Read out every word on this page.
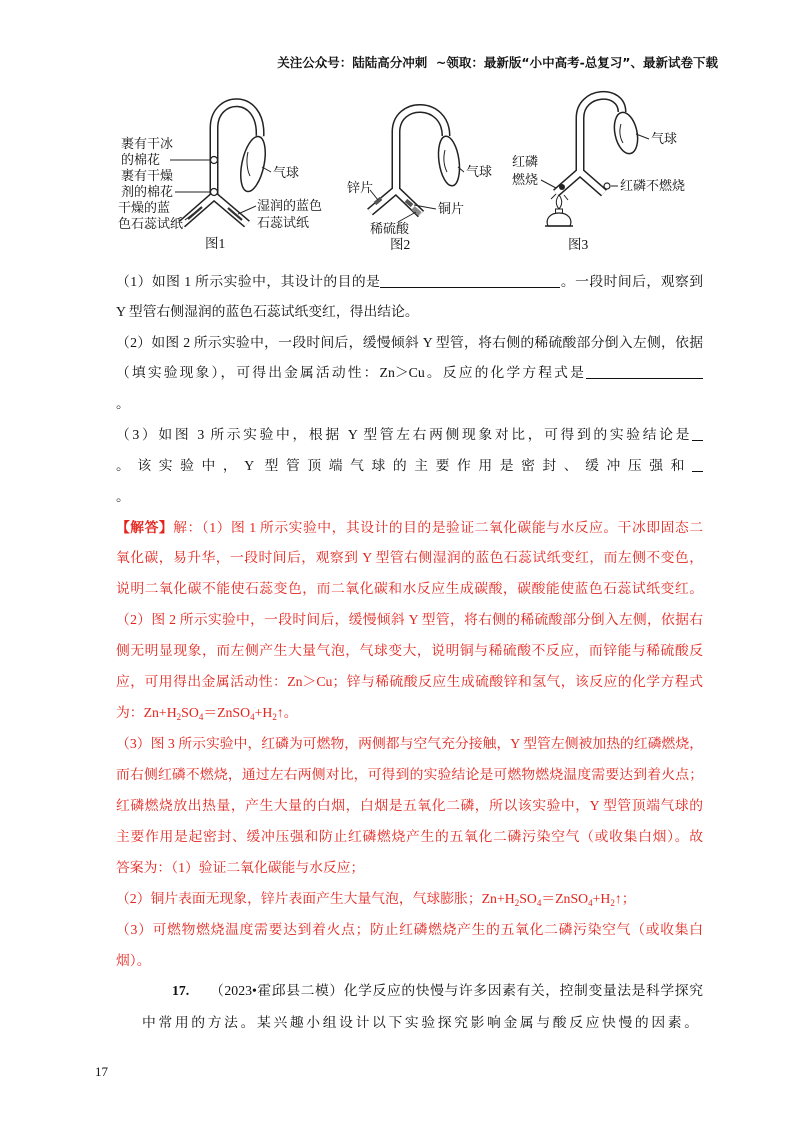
关注公众号：陆陆高分冲刺  ~领取：最新版“小中高考-总复习”、最新试卷下载
裹有干冰
的棉花
裹有干燥
剂的棉花
干燥的蓝
色石蕊试纸
湿润的蓝色
石蕊试纸
气球
图1
锌片
铜片
稀硫酸
气球
图2
红磷
燃烧	红磷不燃烧
气球
图3
（1）如图 1 所示实验中，其设计的目的是	。一段时间后，观察到
Y 型管右侧湿润的蓝色石蕊试纸变红，得出结论。
（2）如图 2 所示实验中，一段时间后，缓慢倾斜 Y 型管，将右侧的稀硫酸部分倒入左侧，依据
（填实验现象），可得出金属活动性：Zn＞Cu。反应的化学方程式是
。
（3）如图 3 所示实验中，根据 Y 型管左右两侧现象对比，可得到的实验结论是
。该实验中，Y 型管顶端气球的主要作用是密封、缓冲压强和
。
【解答】解：（1）图 1 所示实验中，其设计的目的是验证二氧化碳能与水反应。干冰即固态二
氧化碳，易升华，一段时间后，观察到 Y 型管右侧湿润的蓝色石蕊试纸变红，而左侧不变色，
说明二氧化碳不能使石蕊变色，而二氧化碳和水反应生成碳酸，碳酸能使蓝色石蕊试纸变红。
（2）图 2 所示实验中，一段时间后，缓慢倾斜 Y 型管，将右侧的稀硫酸部分倒入左侧，依据右
侧无明显现象，而左侧产生大量气泡，气球变大，说明铜与稀硫酸不反应，而锌能与稀硫酸反
应，可用得出金属活动性：Zn＞Cu；锌与稀硫酸反应生成硫酸锌和氢气，该反应的化学方程式
为：$Zn+H_2SO_4=ZnSO_4+H_2↑$。
（3）图 3 所示实验中，红磷为可燃物，两侧都与空气充分接触，Y 型管左侧被加热的红磷燃烧，
而右侧红磷不燃烧，通过左右两侧对比，可得到的实验结论是可燃物燃烧温度需要达到着火点；
红磷燃烧放出热量，产生大量的白烟，白烟是五氧化二磷，所以该实验中，Y 型管顶端气球的
主要作用是起密封、缓冲压强和防止红磷燃烧产生的五氧化二磷污染空气（或收集白烟）。故
答案为：（1）验证二氧化碳能与水反应；
（2）铜片表面无现象，锌片表面产生大量气泡，气球膨胀；$Zn+H_2SO_4=ZnSO_4+H_2↑$；
（3）可燃物燃烧温度需要达到着火点；防止红磷燃烧产生的五氧化二磷污染空气（或收集白
烟）。
17. （2023•霍邱县二模）化学反应的快慢与许多因素有关，控制变量法是科学探究
中常用的方法。某兴趣小组设计以下实验探究影响金属与酸反应快慢的因素。
17
